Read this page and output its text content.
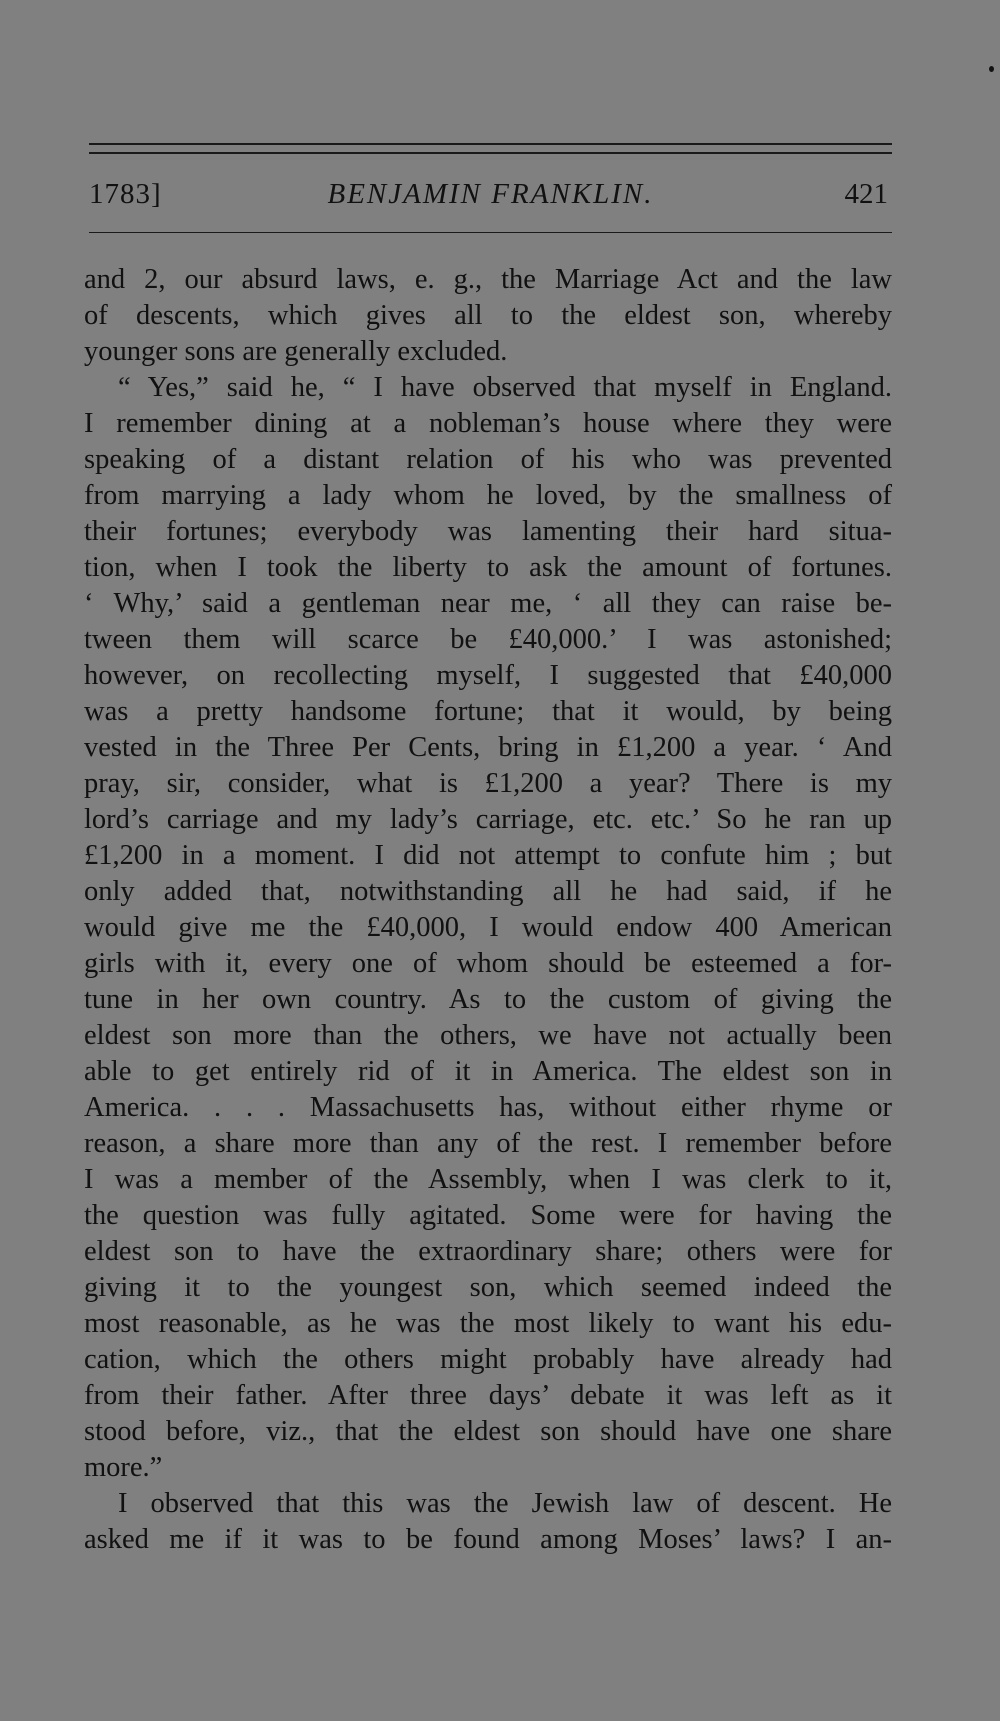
1783]	BENJAMIN FRANKLIN.	421
and 2, our absurd laws, e. g., the Marriage Act and the law
of descents, which gives all to the eldest son, whereby
younger sons are generally excluded.
“ Yes,” said he, “ I have observed that myself in England.
I remember dining at a nobleman’s house where they were
speaking of a distant relation of his who was prevented
from marrying a lady whom he loved, by the smallness of
their fortunes; everybody was lamenting their hard situa-
tion, when I took the liberty to ask the amount of fortunes.
‘ Why,’ said a gentleman near me, ‘ all they can raise be-
tween them will scarce be £40,000.’ I was astonished;
however, on recollecting myself, I suggested that £40,000
was a pretty handsome fortune; that it would, by being
vested in the Three Per Cents, bring in £1,200 a year. ‘ And
pray, sir, consider, what is £1,200 a year? There is my
lord’s carriage and my lady’s carriage, etc. etc.’ So he ran up
£1,200 in a moment. I did not attempt to confute him ; but
only added that, notwithstanding all he had said, if he
would give me the £40,000, I would endow 400 American
girls with it, every one of whom should be esteemed a for-
tune in her own country. As to the custom of giving the
eldest son more than the others, we have not actually been
able to get entirely rid of it in America. The eldest son in
America. . . . Massachusetts has, without either rhyme or
reason, a share more than any of the rest. I remember before
I was a member of the Assembly, when I was clerk to it,
the question was fully agitated. Some were for having the
eldest son to have the extraordinary share; others were for
giving it to the youngest son, which seemed indeed the
most reasonable, as he was the most likely to want his edu-
cation, which the others might probably have already had
from their father. After three days’ debate it was left as it
stood before, viz., that the eldest son should have one share
more.”
I observed that this was the Jewish law of descent. He
asked me if it was to be found among Moses’ laws? I an-
